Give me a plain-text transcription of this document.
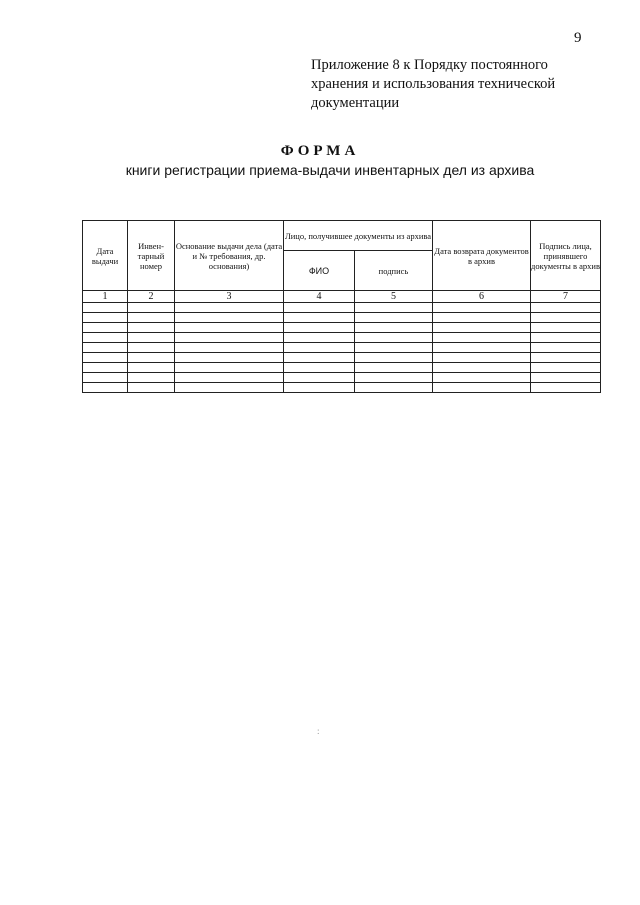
9
Приложение 8 к Порядку постоянного
хранения и использования технической
документации
ФОРМА
книги регистрации приема-выдачи инвентарных дел из архива
Дата выдачи	Инвен-тарный номер	Основание выдачи дела (дата и № требования, др. основания)	Лицо, получившее документы из архива		Дата возврата документов в архив	Подпись лица, принявшего документы в архив
			ФИО	подпись		
1	2	3	4	5	6	7

:
